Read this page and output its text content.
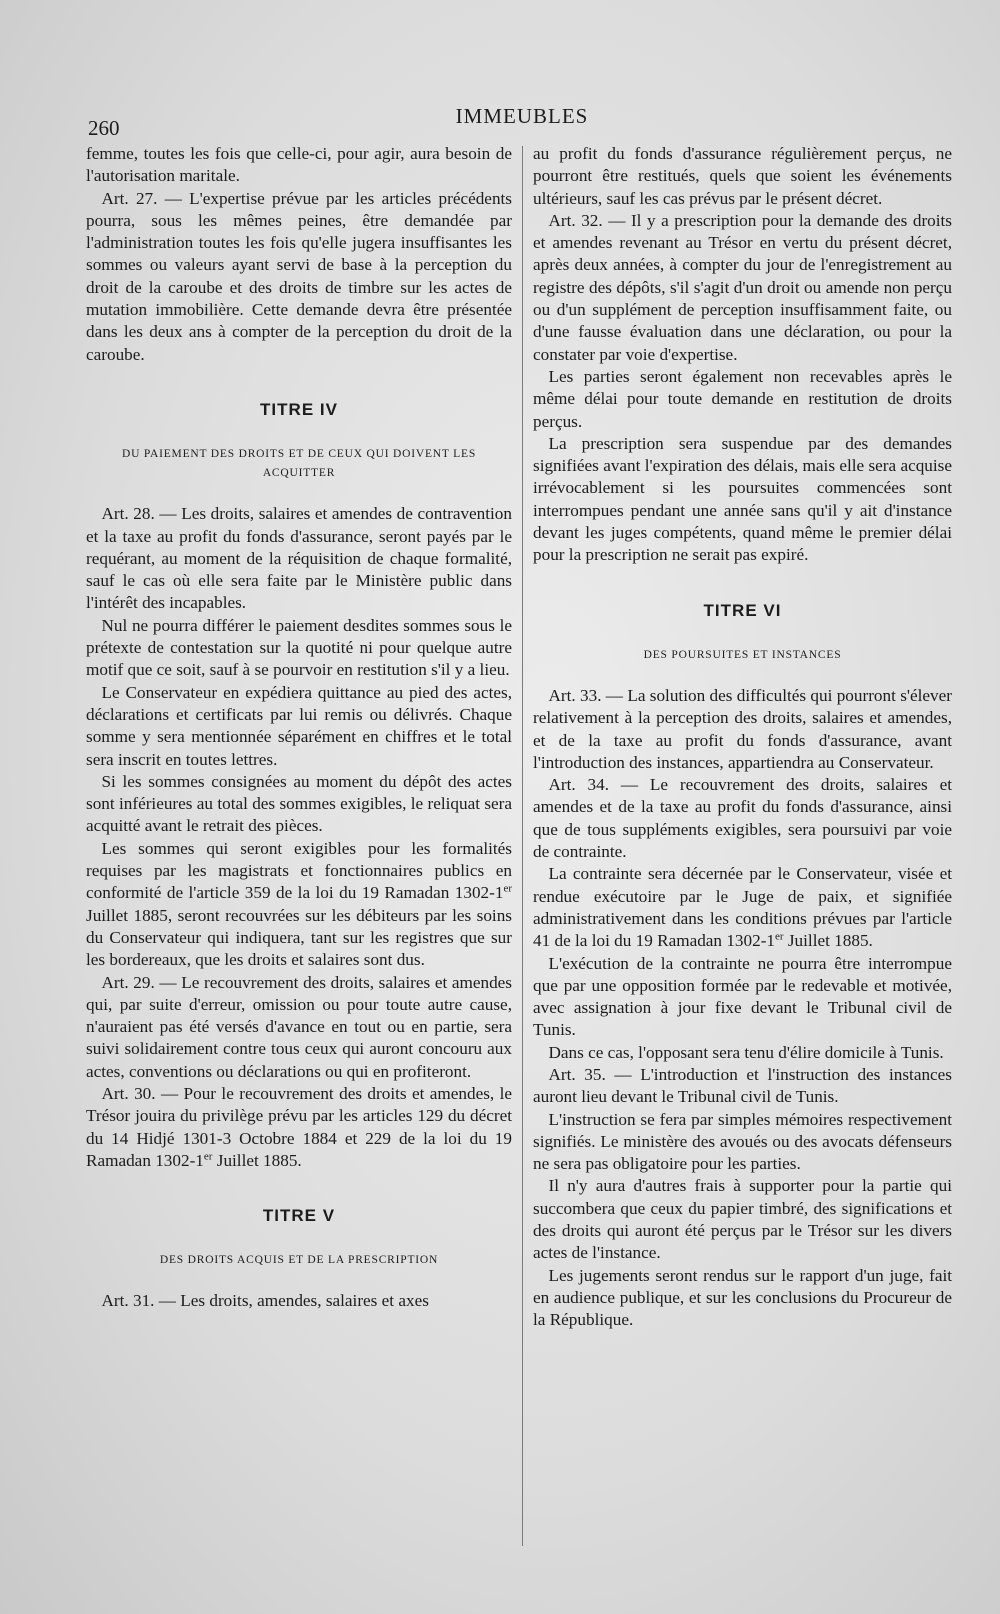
260	IMMEUBLES

femme, toutes les fois que celle-ci, pour agir, aura besoin de l'autorisation maritale.

Art. 27. — L'expertise prévue par les articles précédents pourra, sous les mêmes peines, être demandée par l'administration toutes les fois qu'elle jugera insuffisantes les sommes ou valeurs ayant servi de base à la perception du droit de la caroube et des droits de timbre sur les actes de mutation immobilière. Cette demande devra être présentée dans les deux ans à compter de la perception du droit de la caroube.

TITRE IV
DU PAIEMENT DES DROITS ET DE CEUX QUI DOIVENT LES ACQUITTER

Art. 28. — Les droits, salaires et amendes de contravention et la taxe au profit du fonds d'assurance, seront payés par le requérant, au moment de la réquisition de chaque formalité, sauf le cas où elle sera faite par le Ministère public dans l'intérêt des incapables.

Nul ne pourra différer le paiement desdites sommes sous le prétexte de contestation sur la quotité ni pour quelque autre motif que ce soit, sauf à se pourvoir en restitution s'il y a lieu.

Le Conservateur en expédiera quittance au pied des actes, déclarations et certificats par lui remis ou délivrés. Chaque somme y sera mentionnée séparément en chiffres et le total sera inscrit en toutes lettres.

Si les sommes consignées au moment du dépôt des actes sont inférieures au total des sommes exigibles, le reliquat sera acquitté avant le retrait des pièces.

Les sommes qui seront exigibles pour les formalités requises par les magistrats et fonctionnaires publics en conformité de l'article 359 de la loi du 19 Ramadan 1302-1er Juillet 1885, seront recouvrées sur les débiteurs par les soins du Conservateur qui indiquera, tant sur les registres que sur les bordereaux, que les droits et salaires sont dus.

Art. 29. — Le recouvrement des droits, salaires et amendes qui, par suite d'erreur, omission ou pour toute autre cause, n'auraient pas été versés d'avance en tout ou en partie, sera suivi solidairement contre tous ceux qui auront concouru aux actes, conventions ou déclarations ou qui en profiteront.

Art. 30. — Pour le recouvrement des droits et amendes, le Trésor jouira du privilège prévu par les articles 129 du décret du 14 Hidjé 1301-3 Octobre 1884 et 229 de la loi du 19 Ramadan 1302-1er Juillet 1885.

TITRE V
DES DROITS ACQUIS ET DE LA PRESCRIPTION

Art. 31. — Les droits, amendes, salaires et axes

au profit du fonds d'assurance régulièrement perçus, ne pourront être restitués, quels que soient les événements ultérieurs, sauf les cas prévus par le présent décret.

Art. 32. — Il y a prescription pour la demande des droits et amendes revenant au Trésor en vertu du présent décret, après deux années, à compter du jour de l'enregistrement au registre des dépôts, s'il s'agit d'un droit ou amende non perçu ou d'un supplément de perception insuffisamment faite, ou d'une fausse évaluation dans une déclaration, ou pour la constater par voie d'expertise.

Les parties seront également non recevables après le même délai pour toute demande en restitution de droits perçus.

La prescription sera suspendue par des demandes signifiées avant l'expiration des délais, mais elle sera acquise irrévocablement si les poursuites commencées sont interrompues pendant une année sans qu'il y ait d'instance devant les juges compétents, quand même le premier délai pour la prescription ne serait pas expiré.

TITRE VI
DES POURSUITES ET INSTANCES

Art. 33. — La solution des difficultés qui pourront s'élever relativement à la perception des droits, salaires et amendes, et de la taxe au profit du fonds d'assurance, avant l'introduction des instances, appartiendra au Conservateur.

Art. 34. — Le recouvrement des droits, salaires et amendes et de la taxe au profit du fonds d'assurance, ainsi que de tous suppléments exigibles, sera poursuivi par voie de contrainte.

La contrainte sera décernée par le Conservateur, visée et rendue exécutoire par le Juge de paix, et signifiée administrativement dans les conditions prévues par l'article 41 de la loi du 19 Ramadan 1302-1er Juillet 1885.

L'exécution de la contrainte ne pourra être interrompue que par une opposition formée par le redevable et motivée, avec assignation à jour fixe devant le Tribunal civil de Tunis.

Dans ce cas, l'opposant sera tenu d'élire domicile à Tunis.

Art. 35. — L'introduction et l'instruction des instances auront lieu devant le Tribunal civil de Tunis.

L'instruction se fera par simples mémoires respectivement signifiés. Le ministère des avoués ou des avocats défenseurs ne sera pas obligatoire pour les parties.

Il n'y aura d'autres frais à supporter pour la partie qui succombera que ceux du papier timbré, des significations et des droits qui auront été perçus par le Trésor sur les divers actes de l'instance.

Les jugements seront rendus sur le rapport d'un juge, fait en audience publique, et sur les conclusions du Procureur de la République.
